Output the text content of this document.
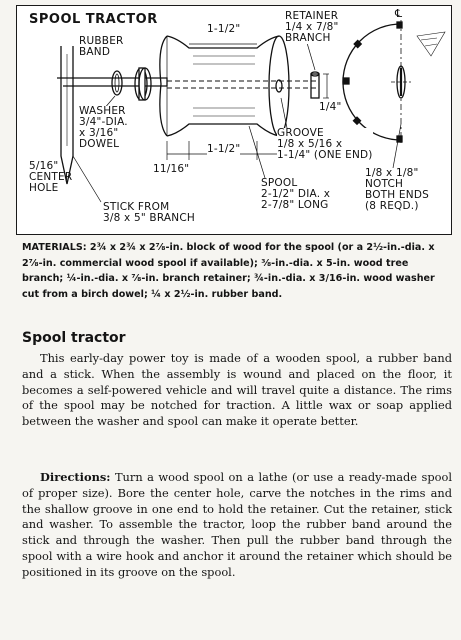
SPOOL TRACTOR
RUBBER
BAND
WASHER
3/4"-DIA.
x 3/16"
DOWEL
5/16"
CENTER
HOLE
STICK FROM
3/8 x 5" BRANCH
1-1/2"
RETAINER
1/4 x 7/8"
BRANCH
1/4"
GROOVE
1/8 x 5/16 x
1-1/4" (ONE END)
11/16"
1-1/2"
SPOOL
2-1/2" DIA. x
2-7/8" LONG
1/8 x 1/8"
NOTCH
BOTH ENDS
(8 REQD.)
℄

MATERIALS: 2¾ x 2¾ x 2⅞-in. block of wood for the spool (or a 2½-in.-dia. x 2⅞-in. commercial wood spool if available); ⅜-in.-dia. x 5-in. wood tree branch; ¼-in.-dia. x ⅞-in. branch retainer; ¾-in.-dia. x 3/16-in. wood washer cut from a birch dowel; ¼ x 2½-in. rubber band.

Spool tractor

This early-day power toy is made of a wooden spool, a rubber band and a stick. When the assembly is wound and placed on the floor, it becomes a self-powered vehicle and will travel quite a distance. The rims of the spool may be notched for traction. A little wax or soap applied between the washer and spool can make it operate better.

Directions: Turn a wood spool on a lathe (or use a ready-made spool of proper size). Bore the center hole, carve the notches in the rims and the shallow groove in one end to hold the retainer. Cut the retainer, stick and washer. To assemble the tractor, loop the rubber band around the stick and through the washer. Then pull the rubber band through the spool with a wire hook and anchor it around the retainer which should be positioned in its groove on the spool.
